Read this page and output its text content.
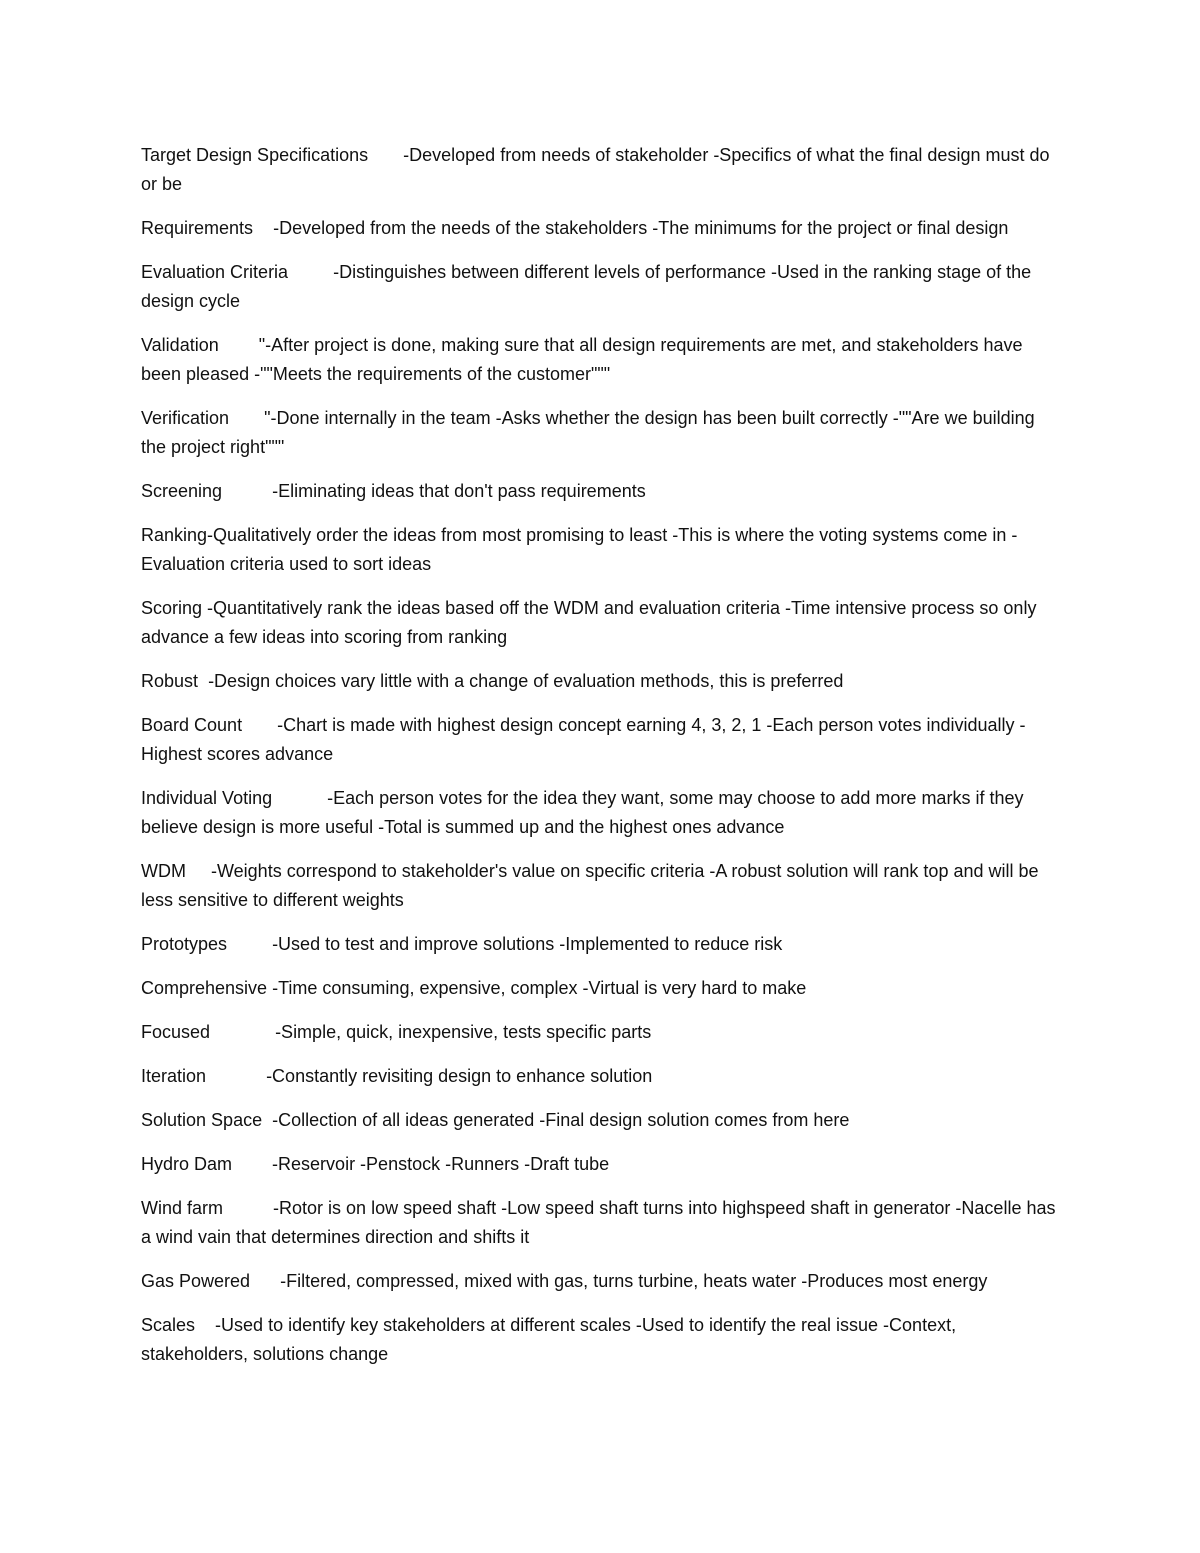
Target Design Specifications -Developed from needs of stakeholder -Specifics of what the final design must do or be

Requirements -Developed from the needs of the stakeholders -The minimums for the project or final design

Evaluation Criteria	-Distinguishes between different levels of performance -Used in the ranking stage of the design cycle

Validation "-After project is done, making sure that all design requirements are met, and stakeholders have been pleased -""Meets the requirements of the customer"""

Verification "-Done internally in the team -Asks whether the design has been built correctly -""Are we building the project right"""

Screening	-Eliminating ideas that don't pass requirements

Ranking-Qualitatively order the ideas from most promising to least -This is where the voting systems come in -Evaluation criteria used to sort ideas

Scoring -Quantitatively rank the ideas based off the WDM and evaluation criteria -Time intensive process so only advance a few ideas into scoring from ranking

Robust -Design choices vary little with a change of evaluation methods, this is preferred

Board Count -Chart is made with highest design concept earning 4, 3, 2, 1 -Each person votes individually -Highest scores advance

Individual Voting	-Each person votes for the idea they want, some may choose to add more marks if they believe design is more useful -Total is summed up and the highest ones advance

WDM -Weights correspond to stakeholder's value on specific criteria -A robust solution will rank top and will be less sensitive to different weights

Prototypes	-Used to test and improve solutions -Implemented to reduce risk

Comprehensive -Time consuming, expensive, complex -Virtual is very hard to make

Focused	-Simple, quick, inexpensive, tests specific parts

Iteration	-Constantly revisiting design to enhance solution

Solution Space -Collection of all ideas generated -Final design solution comes from here

Hydro Dam -Reservoir -Penstock -Runners -Draft tube

Wind farm	-Rotor is on low speed shaft -Low speed shaft turns into highspeed shaft in generator -Nacelle has a wind vain that determines direction and shifts it

Gas Powered -Filtered, compressed, mixed with gas, turns turbine, heats water -Produces most energy

Scales -Used to identify key stakeholders at different scales -Used to identify the real issue -Context, stakeholders, solutions change
